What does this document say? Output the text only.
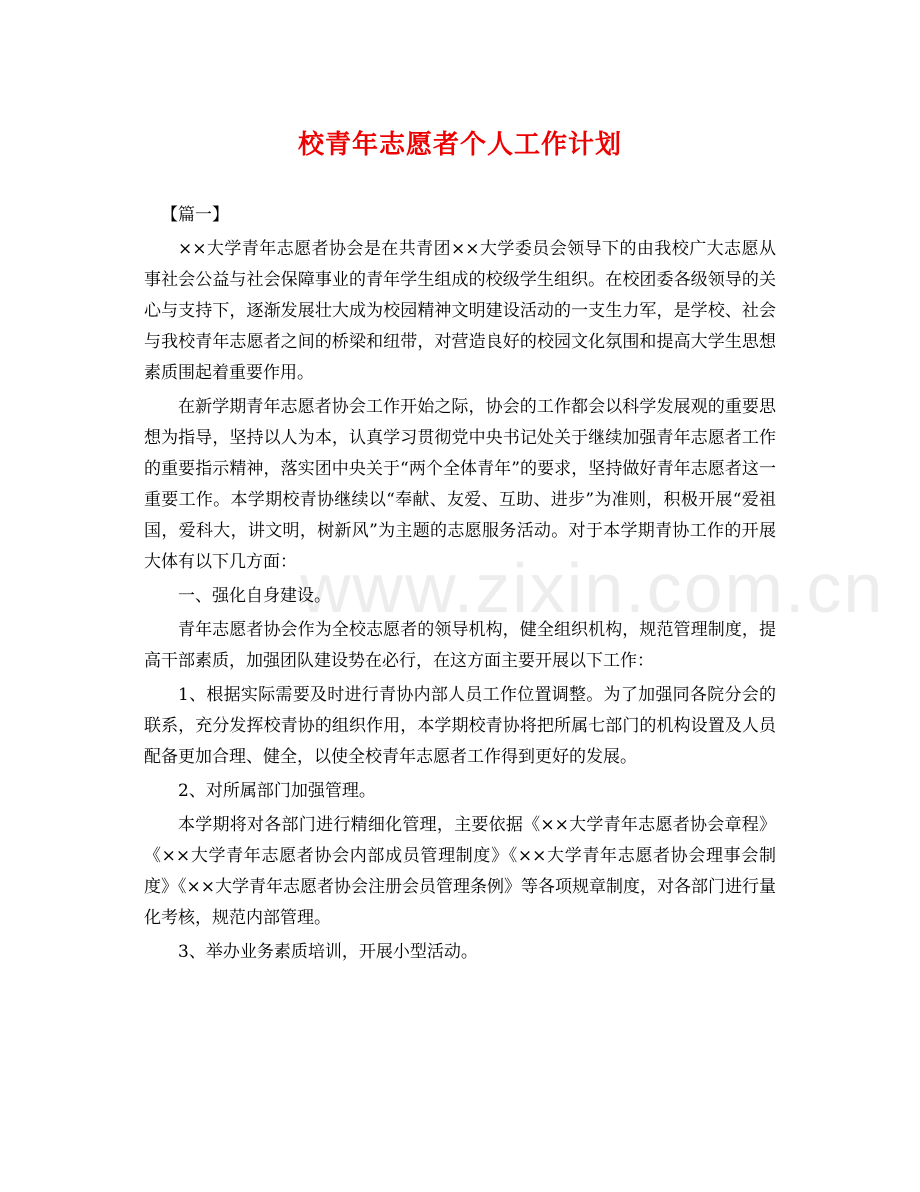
www.zixin.com.cn
校青年志愿者个人工作计划

【篇一】

××大学青年志愿者协会是在共青团××大学委员会领导下的由我校广大志愿从事社会公益与社会保障事业的青年学生组成的校级学生组织。在校团委各级领导的关心与支持下，逐渐发展壮大成为校园精神文明建设活动的一支生力军，是学校、社会与我校青年志愿者之间的桥梁和纽带，对营造良好的校园文化氛围和提高大学生思想素质围起着重要作用。

在新学期青年志愿者协会工作开始之际，协会的工作都会以科学发展观的重要思想为指导，坚持以人为本，认真学习贯彻党中央书记处关于继续加强青年志愿者工作的重要指示精神，落实团中央关于“两个全体青年”的要求，坚持做好青年志愿者这一重要工作。本学期校青协继续以“奉献、友爱、互助、进步”为准则，积极开展“爱祖国，爱科大，讲文明，树新风”为主题的志愿服务活动。对于本学期青协工作的开展大体有以下几方面：

一、强化自身建设。

青年志愿者协会作为全校志愿者的领导机构，健全组织机构，规范管理制度，提高干部素质，加强团队建设势在必行，在这方面主要开展以下工作：

1、根据实际需要及时进行青协内部人员工作位置调整。为了加强同各院分会的联系，充分发挥校青协的组织作用，本学期校青协将把所属七部门的机构设置及人员配备更加合理、健全，以使全校青年志愿者工作得到更好的发展。

2、对所属部门加强管理。

本学期将对各部门进行精细化管理，主要依据《××大学青年志愿者协会章程》《××大学青年志愿者协会内部成员管理制度》《××大学青年志愿者协会理事会制度》《××大学青年志愿者协会注册会员管理条例》等各项规章制度，对各部门进行量化考核，规范内部管理。

3、举办业务素质培训，开展小型活动。
